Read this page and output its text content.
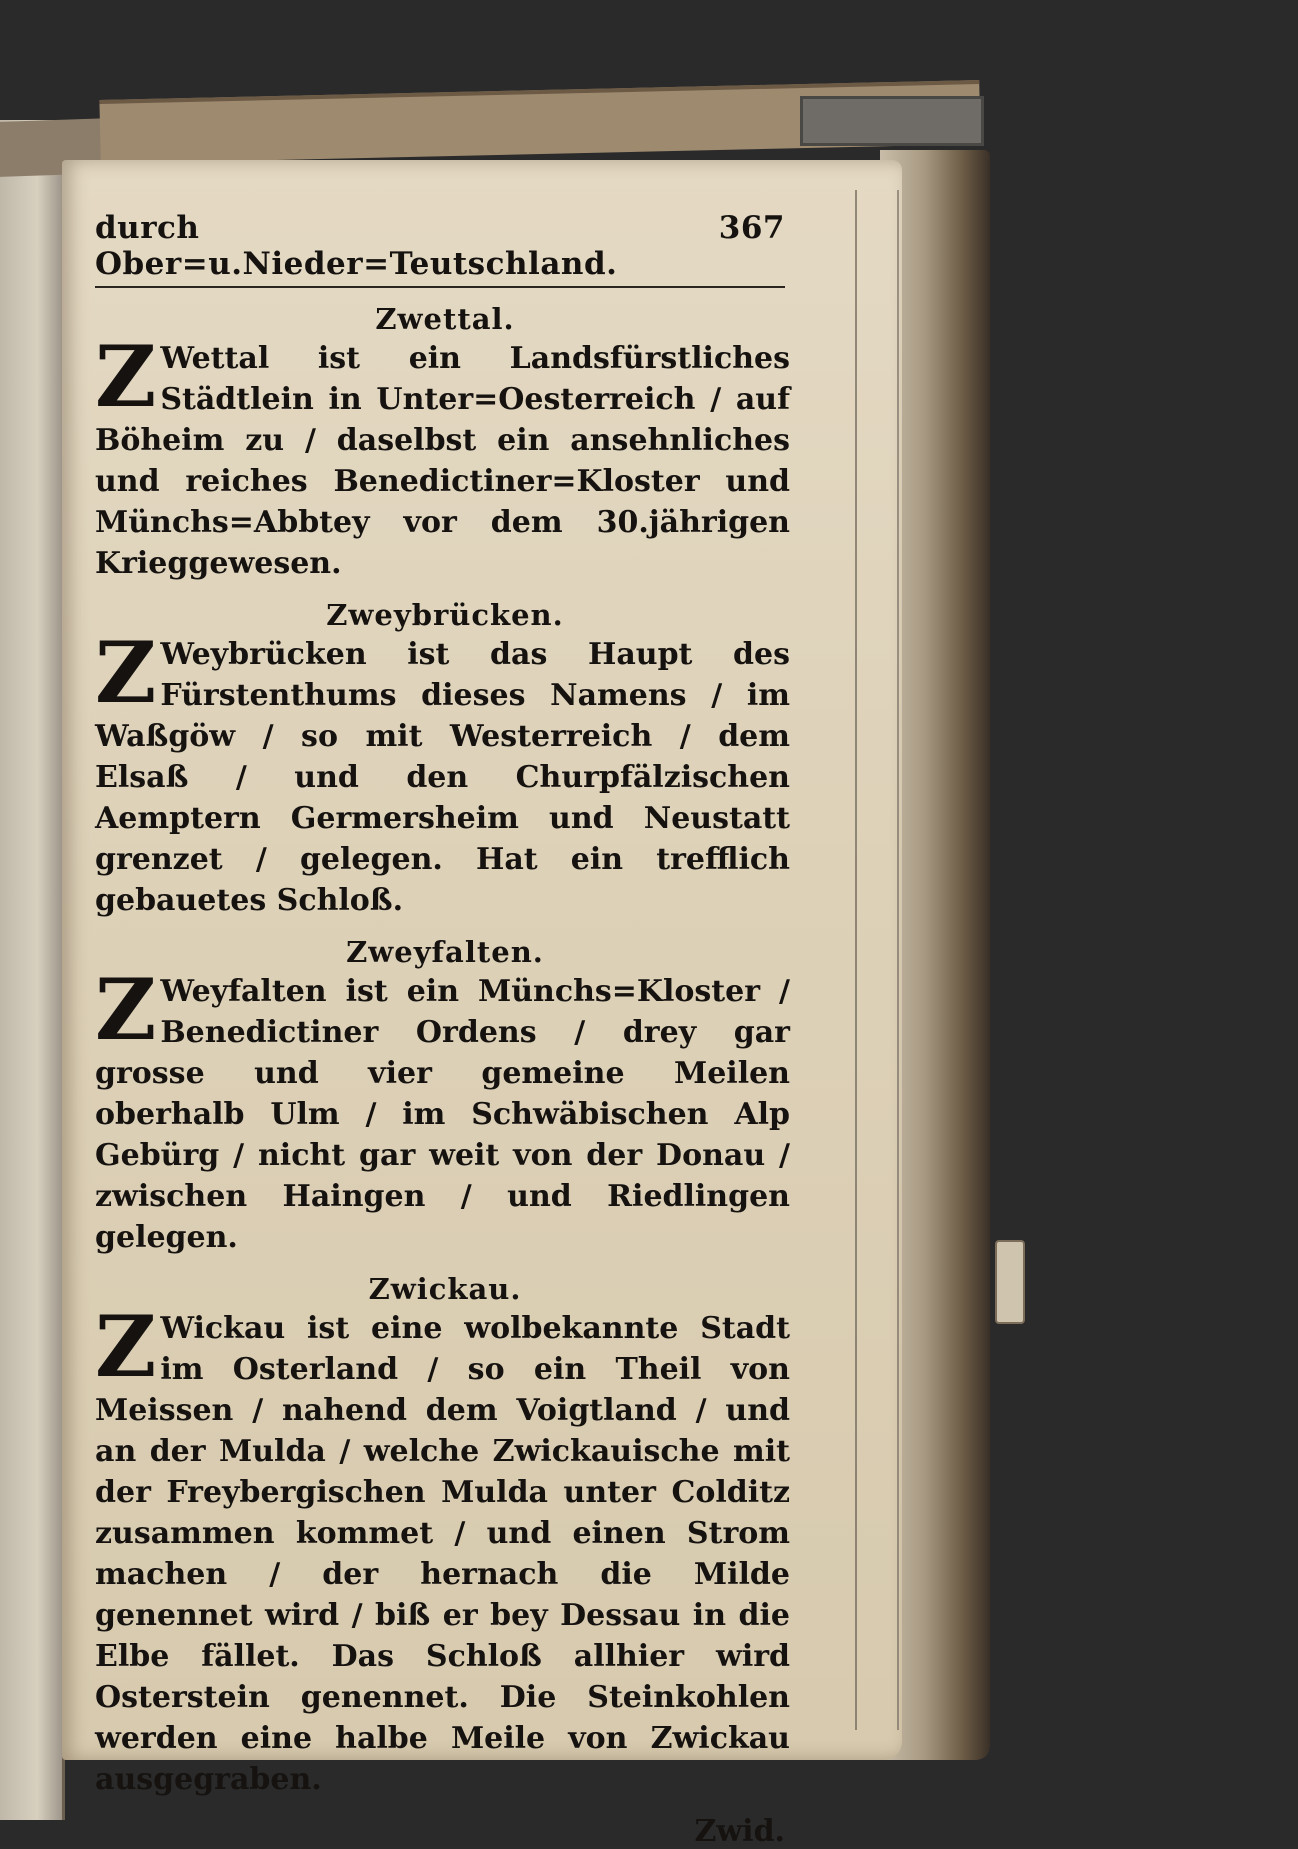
durch Ober=u.Nieder=Teutschland.
367
Zwettal.

Z Wettal ist ein Landsfürstliches Städtlein in Unter=Oesterreich / auf Böheim zu / daselbst ein ansehnliches und reiches Benedictiner=Kloster und Münchs=Abbtey vor dem 30.jährigen Krieggewesen.

Zweybrücken.

Z Weybrücken ist das Haupt des Fürstenthums dieses Namens / im Waßgöw / so mit Westerreich / dem Elsaß / und den Churpfälzischen Aemptern Germersheim und Neustatt grenzet / gelegen. Hat ein trefflich gebauetes Schloß.

Zweyfalten.

Z Weyfalten ist ein Münchs=Kloster / Benedictiner Ordens / drey gar grosse und vier gemeine Meilen oberhalb Ulm / im Schwäbischen Alp Gebürg / nicht gar weit von der Donau / zwischen Haingen / und Riedlingen gelegen.

Zwickau.

Z Wickau ist eine wolbekannte Stadt im Osterland / so ein Theil von Meissen / nahend dem Voigtland / und an der Mulda / welche Zwickauische mit der Freybergischen Mulda unter Colditz zusammen kommet / und einen Strom machen / der hernach die Milde genennet wird / biß er bey Dessau in die Elbe fället. Das Schloß allhier wird Osterstein genennet. Die Steinkohlen werden eine halbe Meile von Zwickau ausgegraben.

Zwid.
